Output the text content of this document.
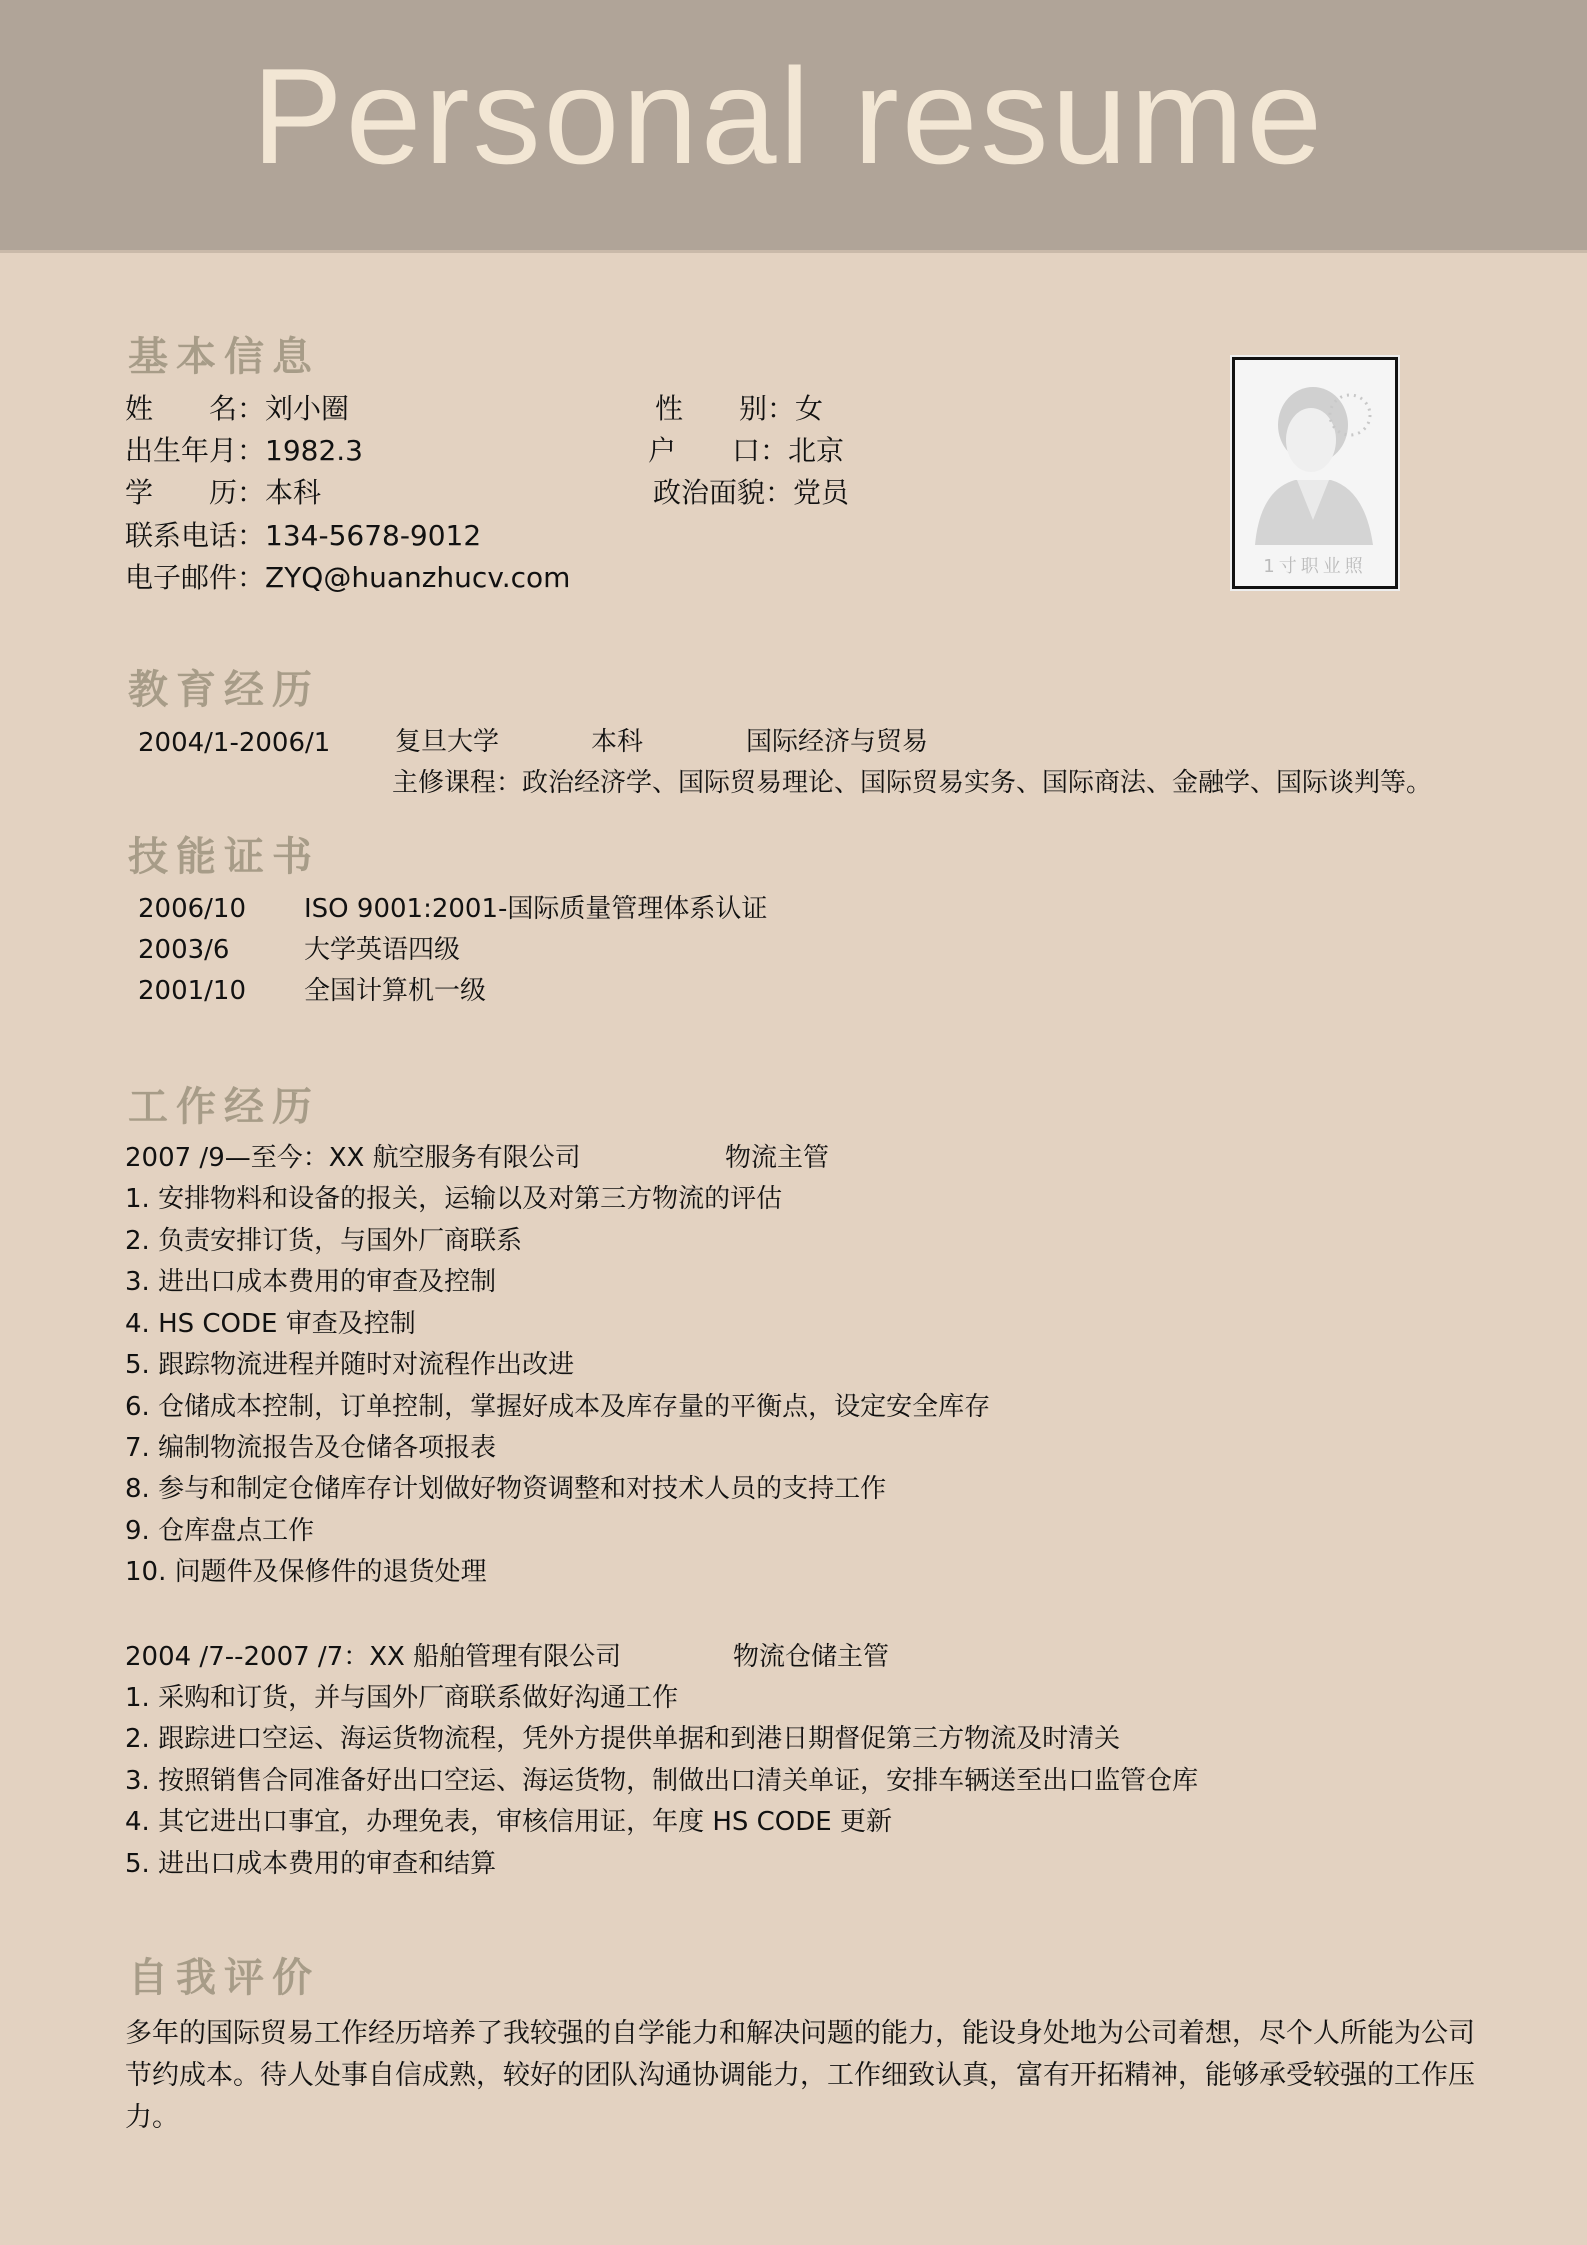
Personal resume
基本信息
姓　　名：刘小圈	性　　别：女
出生年月：1982.3	户　　口：北京
学　　历：本科	政治面貌：党员
联系电话：134-5678-9012
电子邮件：ZYQ@huanzhucv.com	1寸职业照
教育经历
2004/1-2006/1 复旦大学	本科	国际经济与贸易
主修课程：政治经济学、国际贸易理论、国际贸易实务、国际商法、金融学、国际谈判等。
技能证书
2006/10 ISO 9001:2001-国际质量管理体系认证
2003/6	大学英语四级
2001/10 全国计算机一级
工作经历
2007 /9—至今：XX 航空服务有限公司	物流主管
1. 安排物料和设备的报关，运输以及对第三方物流的评估
2. 负责安排订货，与国外厂商联系
3. 进出口成本费用的审查及控制
4. HS CODE 审查及控制
5. 跟踪物流进程并随时对流程作出改进
6. 仓储成本控制，订单控制，掌握好成本及库存量的平衡点，设定安全库存
7. 编制物流报告及仓储各项报表
8. 参与和制定仓储库存计划做好物资调整和对技术人员的支持工作
9. 仓库盘点工作
10. 问题件及保修件的退货处理
2004 /7--2007 /7：XX 船舶管理有限公司	物流仓储主管
1. 采购和订货，并与国外厂商联系做好沟通工作
2. 跟踪进口空运、海运货物流程，凭外方提供单据和到港日期督促第三方物流及时清关
3. 按照销售合同准备好出口空运、海运货物，制做出口清关单证，安排车辆送至出口监管仓库
4. 其它进出口事宜，办理免表，审核信用证，年度 HS CODE 更新
5. 进出口成本费用的审查和结算
自我评价
多年的国际贸易工作经历培养了我较强的自学能力和解决问题的能力，能设身处地为公司着想，尽个人所能为公司节约成本。待人处事自信成熟，较好的团队沟通协调能力，工作细致认真，富有开拓精神，能够承受较强的工作压力。
